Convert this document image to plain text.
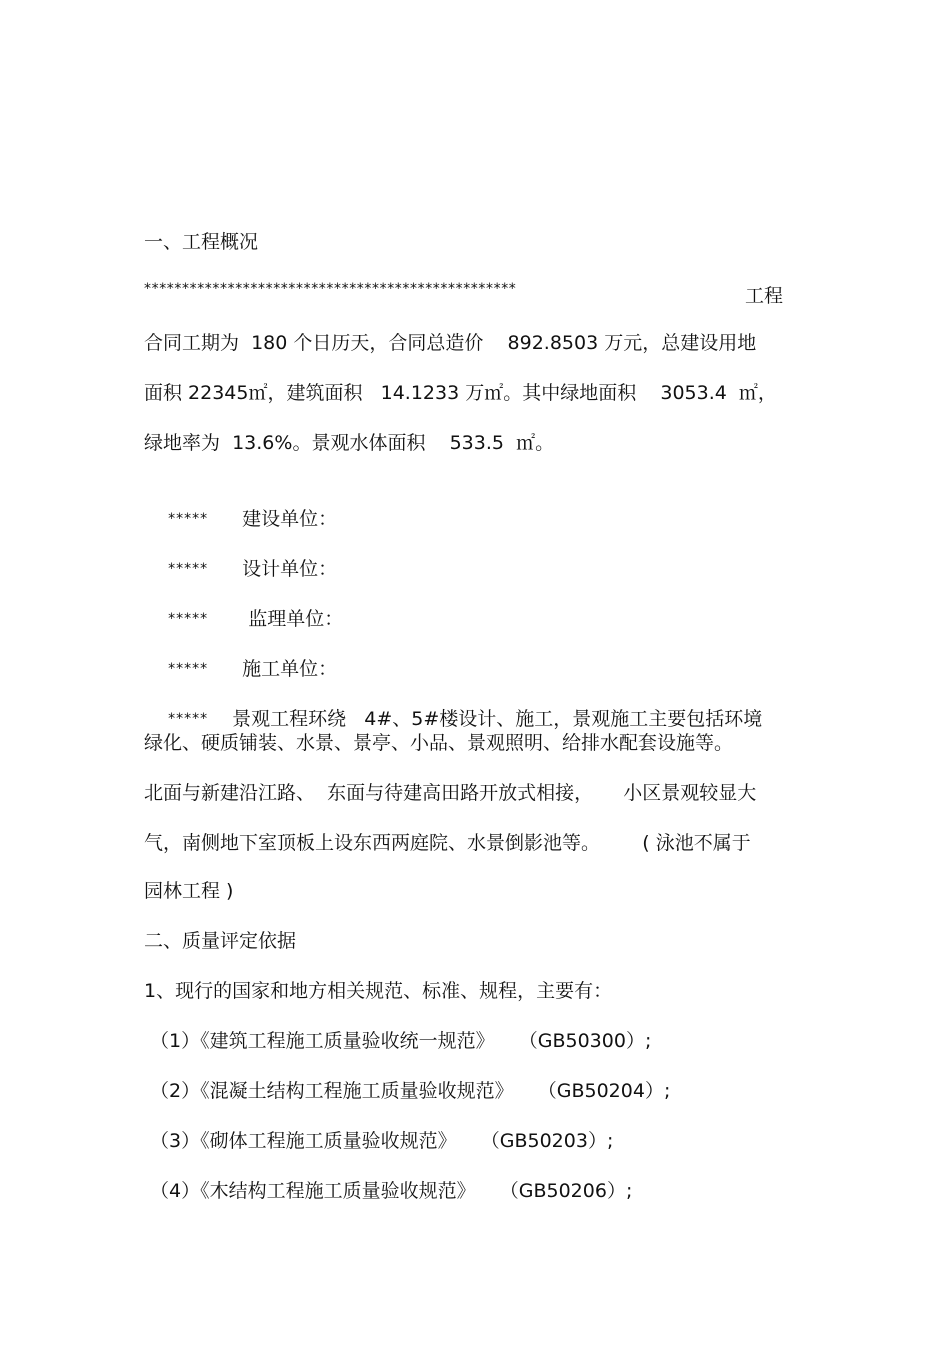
一、工程概况
*************************************************	工程
合同工期为  180 个日历天，合同总造价    892.8503 万元，总建设用地
面积 22345㎡，建筑面积   14.1233 万㎡。其中绿地面积    3053.4  ㎡，
绿地率为  13.6%。景观水体面积    533.5  ㎡。

***** 建设单位：

***** 设计单位：

***** 监理单位：

***** 施工单位：

***** 景观工程环绕   4#、5#楼设计、施工，景观施工主要包括环境

绿化、硬质铺装、水景、景亭、小品、景观照明、给排水配套设施等。
北面与新建沿江路、  东面与待建高田路开放式相接，     小区景观较显大
气，南侧地下室顶板上设东西两庭院、水景倒影池等。       ( 泳池不属于
园林工程 )
二、质量评定依据
1、现行的国家和地方相关规范、标准、规程，主要有：
（1）《建筑工程施工质量验收统一规范》    （GB50300）;
（2）《混凝土结构工程施工质量验收规范》    （GB50204）;
（3）《砌体工程施工质量验收规范》    （GB50203）;
（4）《木结构工程施工质量验收规范》    （GB50206）;
